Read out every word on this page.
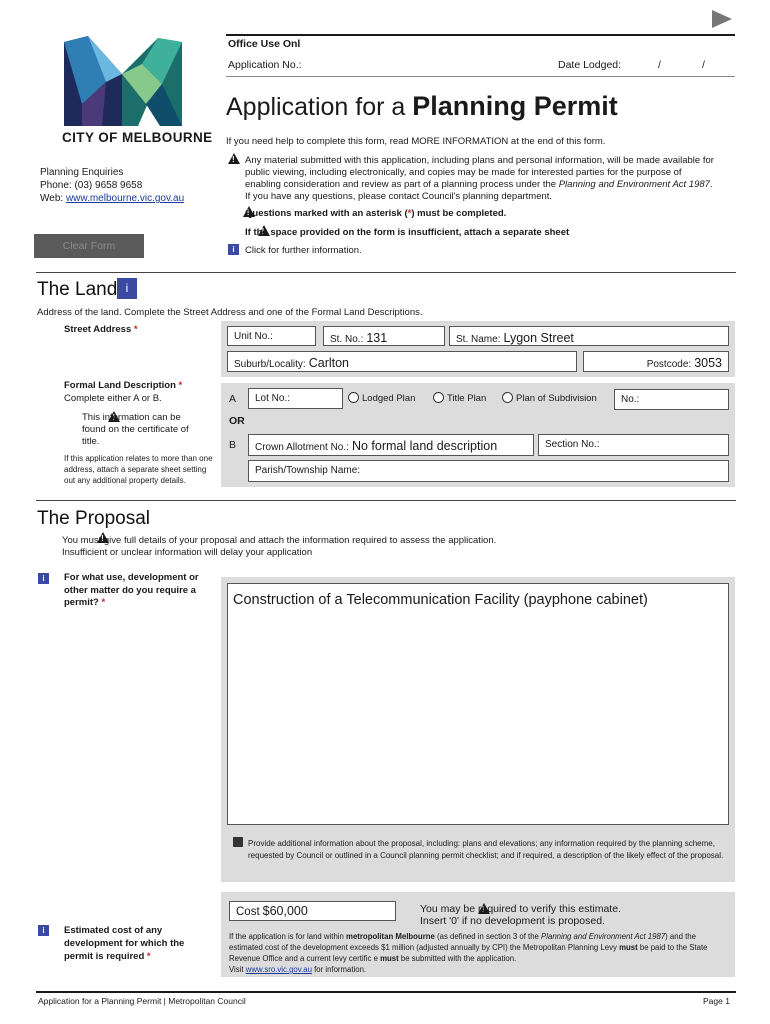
Office Use Onl
Application No.:	Date Lodged:	/	/
CITY OF MELBOURNE
Planning Enquiries
Phone: (03) 9658 9658
Web: www.melbourne.vic.gov.au
Clear Form
Application for a Planning Permit
If you need help to complete this form, read MORE INFORMATION at the end of this form.
!
Any material submitted with this application, including plans and personal information, will be made available for public viewing, including electronically, and copies may be made for interested parties for the purpose of enabling consideration and review as part of a planning process under the Planning and Environment Act 1987. If you have any questions, please contact Council's planning department.
!
Questions marked with an asterisk (*) must be completed.
!
If the space provided on the form is insufficient, attach a separate sheet
i	Click for further information.
The Land i
Address of the land. Complete the Street Address and one of the Formal Land Descriptions.
Street Address *
Unit No.:	St. No.: 131	St. Name: Lygon Street
Suburb/Locality: Carlton	Postcode: 3053
Formal Land Description *
Complete either A or B.
!
This information can be found on the certificate of title.
If this application relates to more than one address, attach a separate sheet setting out any additional property details.
A	Lot No.:	Lodged Plan	Title Plan	Plan of Subdivision	No.:
OR
B	Crown Allotment No.: No formal land description	Section No.:
Parish/Township Name:
The Proposal
!
You must give full details of your proposal and attach the information required to assess the application.
Insufficient or unclear information will delay your application
i	For what use, development or other matter do you require a permit? *	Construction of a Telecommunication Facility (payphone cabinet)
Provide additional information about the proposal, including: plans and elevations; any information required by the planning scheme, requested by Council or outlined in a Council planning permit checklist; and if required, a description of the likely effect of the proposal.
i	Estimated cost of any development for which the permit is required *
Cost $60,000
!	You may be required to verify this estimate.
Insert '0' if no development is proposed.
If the application is for land within metropolitan Melbourne (as defined in section 3 of the Planning and Environment Act 1987) and the estimated cost of the development exceeds $1 million (adjusted annually by CPI) the Metropolitan Planning Levy must be paid to the State Revenue Office and a current levy certific e must be submitted with the application.
Visit www.sro.vic.gov.au for information.
Application for a Planning Permit | Metropolitan Council	Page 1
